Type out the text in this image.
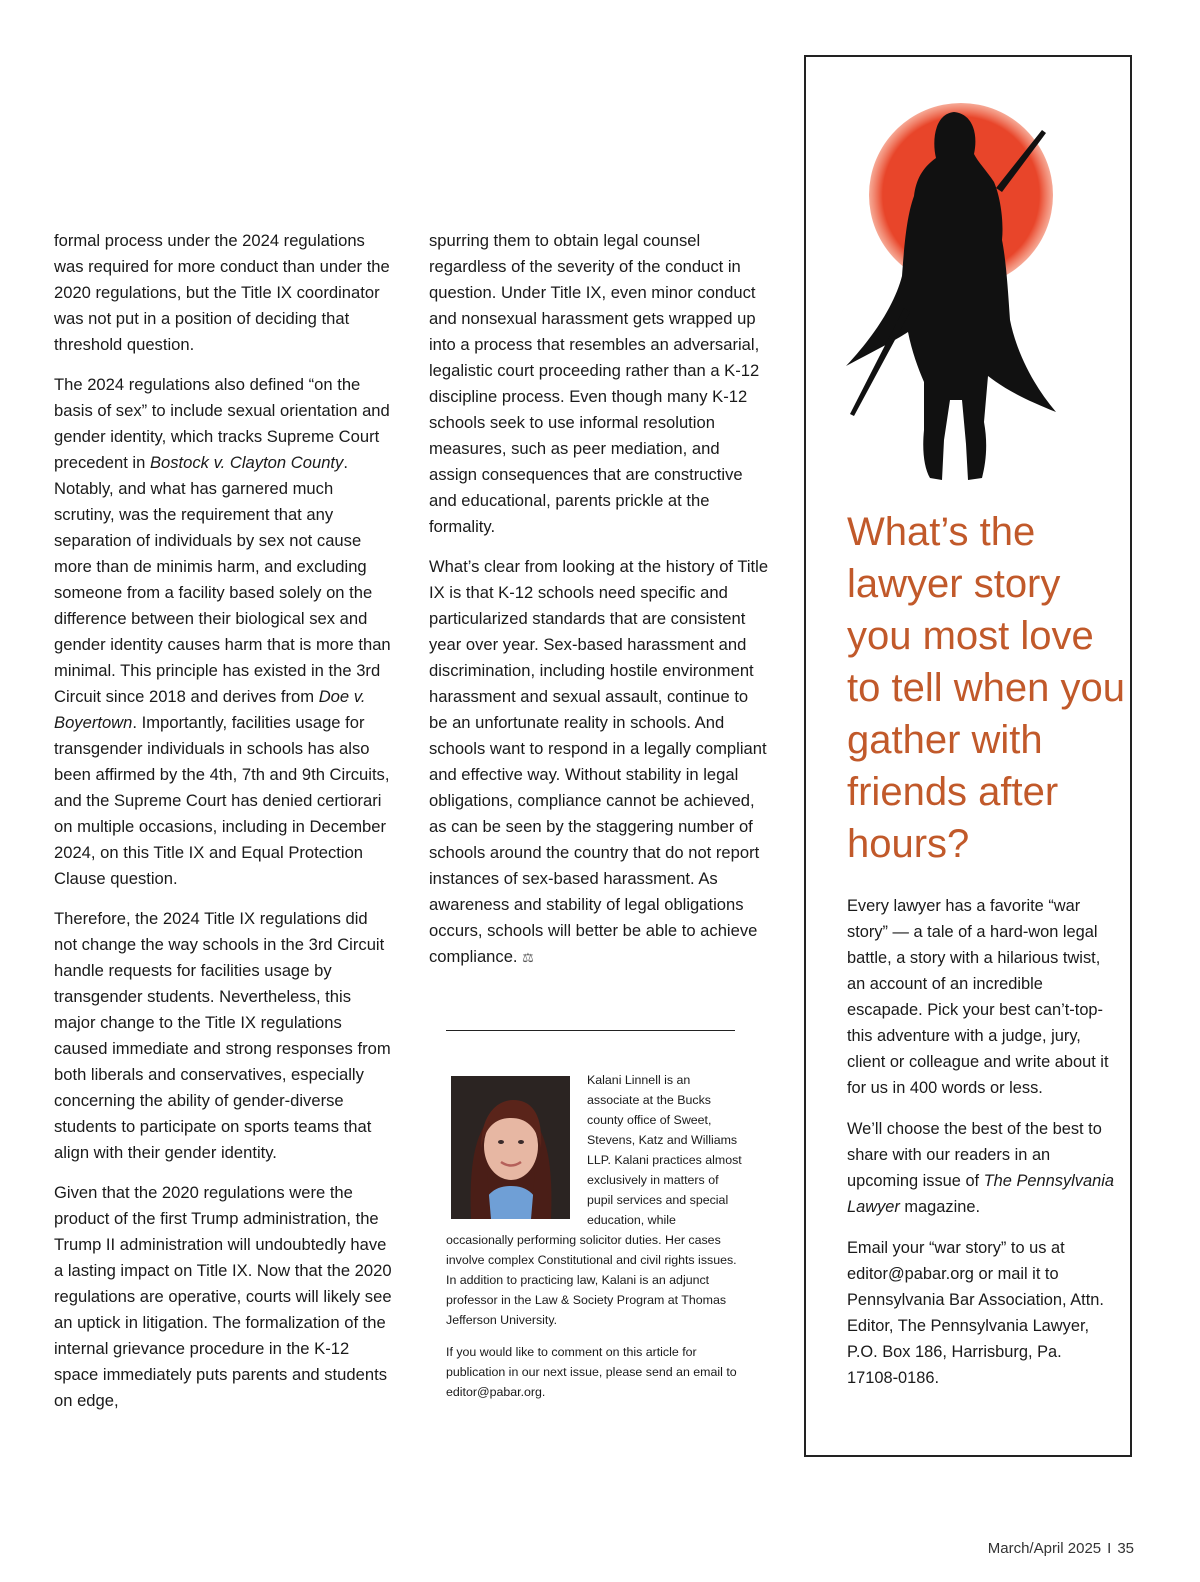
formal process under the 2024 regulations was required for more conduct than under the 2020 regulations, but the Title IX coordinator was not put in a position of deciding that threshold question.

The 2024 regulations also defined “on the basis of sex” to include sexual orientation and gender identity, which tracks Supreme Court precedent in Bostock v. Clayton County. Notably, and what has garnered much scrutiny, was the requirement that any separation of individuals by sex not cause more than de minimis harm, and excluding someone from a facility based solely on the difference between their biological sex and gender identity causes harm that is more than minimal. This principle has existed in the 3rd Circuit since 2018 and derives from Doe v. Boyertown. Importantly, facilities usage for transgender individuals in schools has also been affirmed by the 4th, 7th and 9th Circuits, and the Supreme Court has denied certiorari on multiple occasions, including in December 2024, on this Title IX and Equal Protection Clause question.

Therefore, the 2024 Title IX regulations did not change the way schools in the 3rd Circuit handle requests for facilities usage by transgender students. Nevertheless, this major change to the Title IX regulations caused immediate and strong responses from both liberals and conservatives, especially concerning the ability of gender-diverse students to participate on sports teams that align with their gender identity.

Given that the 2020 regulations were the product of the first Trump administration, the Trump II administration will undoubtedly have a lasting impact on Title IX. Now that the 2020 regulations are operative, courts will likely see an uptick in litigation. The formalization of the internal grievance procedure in the K-12 space immediately puts parents and students on edge,

spurring them to obtain legal counsel regardless of the severity of the conduct in question. Under Title IX, even minor conduct and nonsexual harassment gets wrapped up into a process that resembles an adversarial, legalistic court proceeding rather than a K-12 discipline process. Even though many K-12 schools seek to use informal resolution measures, such as peer mediation, and assign consequences that are constructive and educational, parents prickle at the formality.

What’s clear from looking at the history of Title IX is that K-12 schools need specific and particularized standards that are consistent year over year. Sex-based harassment and discrimination, including hostile environment harassment and sexual assault, continue to be an unfortunate reality in schools. And schools want to respond in a legally compliant and effective way. Without stability in legal obligations, compliance cannot be achieved, as can be seen by the staggering number of schools around the country that do not report instances of sex-based harassment. As awareness and stability of legal obligations occurs, schools will better be able to achieve compliance. ⚖

Kalani Linnell is an associate at the Bucks county office of Sweet, Stevens, Katz and Williams LLP. Kalani practices almost exclusively in matters of pupil services and special education, while
occasionally performing solicitor duties. Her cases involve complex Constitutional and civil rights issues. In addition to practicing law, Kalani is an adjunct professor in the Law & Society Program at Thomas Jefferson University.

If you would like to comment on this article for publication in our next issue, please send an email to editor@pabar.org.

What’s the lawyer story you most love to tell when you gather with friends after hours?

Every lawyer has a favorite “war story” — a tale of a hard-won legal battle, a story with a hilarious twist, an account of an incredible escapade. Pick your best can’t-top-this adventure with a judge, jury, client or colleague and write about it for us in 400 words or less.

We’ll choose the best of the best to share with our readers in an upcoming issue of The Pennsylvania Lawyer magazine.

Email your “war story” to us at editor@pabar.org or mail it to Pennsylvania Bar Association, Attn. Editor, The Pennsylvania Lawyer, P.O. Box 186, Harrisburg, Pa. 17108-0186.

March/April 2025 I 35
